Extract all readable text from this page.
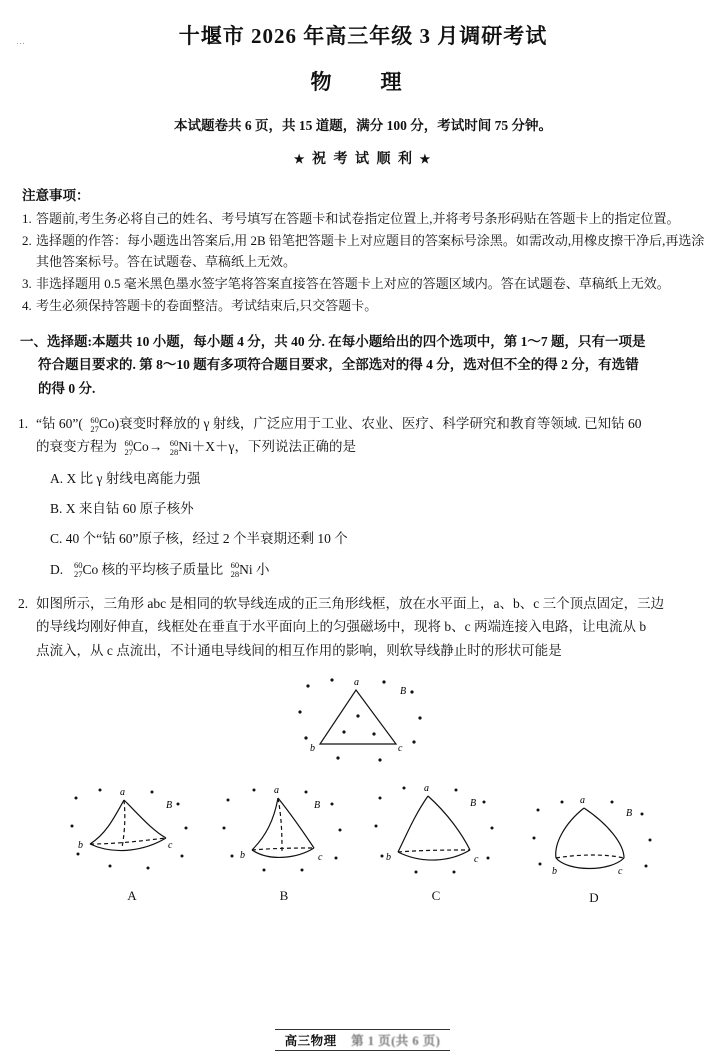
…	十堰市 2026 年高三年级 3 月调研考试
物　理
本试题卷共 6 页，共 15 道题，满分 100 分，考试时间 75 分钟。
★ 祝 考 试 顺 利 ★
注意事项：
1. 答题前,考生务必将自己的姓名、考号填写在答题卡和试卷指定位置上,并将考号条形码贴在答题卡上的指定位置。
2. 选择题的作答：每小题选出答案后,用 2B 铅笔把答题卡上对应题目的答案标号涂黑。如需改动,用橡皮擦干净后,再选涂其他答案标号。答在试题卷、草稿纸上无效。
3. 非选择题用 0.5 毫米黑色墨水签字笔将答案直接答在答题卡上对应的答题区域内。答在试题卷、草稿纸上无效。
4. 考生必须保持答题卡的卷面整洁。考试结束后,只交答题卡。
一、选择题:本题共 10 小题，每小题 4 分，共 40 分. 在每小题给出的四个选项中，第 1～7 题，只有一项是
符合题目要求的. 第 8～10 题有多项符合题目要求，全部选对的得 4 分，选对但不全的得 2 分，有选错
的得 0 分.
1. “钻 60”( 60
27 Co)衰变时释放的 γ 射线，广泛应用于工业、农业、医疗、科学研究和教育等领域. 已知钻 60
的衰变方程为 60
27 Co→ 60
28 Ni＋X＋γ，下列说法正确的是
A. X 比 γ 射线电离能力强
B. X 来自钻 60 原子核外
C. 40 个“钻 60”原子核，经过 2 个半衰期还剩 10 个
D. 60
27 Co 核的平均核子质量比 60
28 Ni 小
2. 如图所示，三角形 abc 是相同的软导线连成的正三角形线框，放在水平面上，a、b、c 三个顶点固定，三边
的导线均刚好伸直，线框处在垂直于水平面向上的匀强磁场中，现将 b、c 两端连接入电路，让电流从 b
点流入，从 c 点流出，不计通电导线间的相互作用的影响，则软导线静止时的形状可能是
a
B
b	c
a
B
b	c
A
a
B
b	c
B
a
B
b	c
C
a
B
b	c
D
高三物理 第 1 页(共 6 页)
